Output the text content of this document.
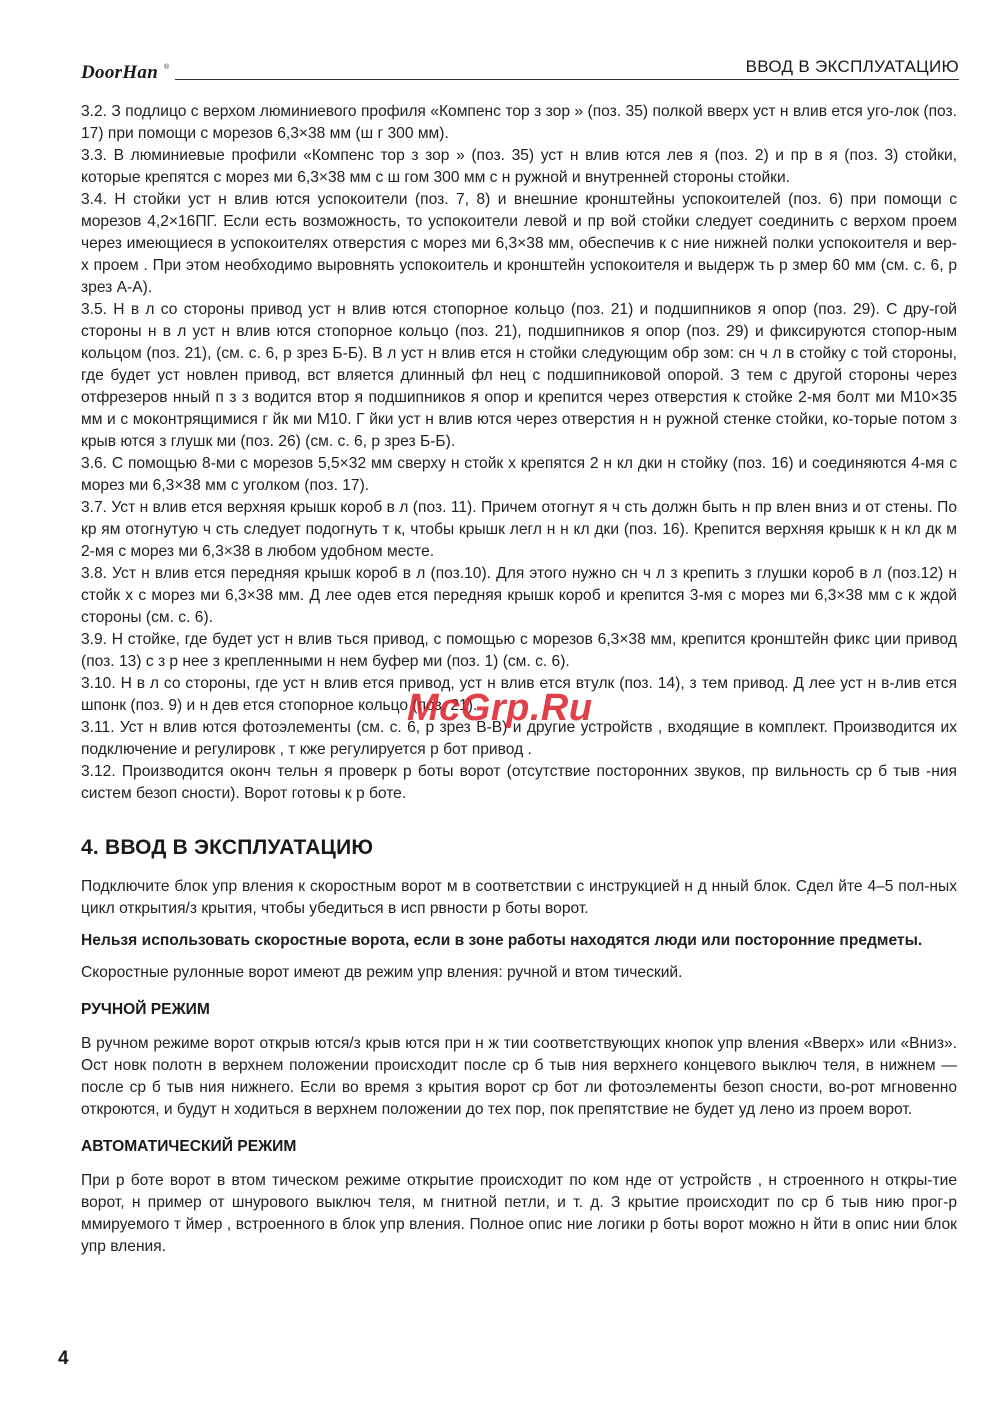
DoorHan ®	ВВОД В ЭКСПЛУАТАЦИЮ

3.2. З подлицо с верхом люминиевого профиля «Компенс тор з зор » (поз. 35) полкой вверх уст н влив ется уго-лок (поз. 17) при помощи с морезов 6,3×38 мм (ш г 300 мм).

3.3. В люминиевые профили «Компенс тор з зор » (поз. 35) уст н влив ются лев я (поз. 2) и пр в я (поз. 3) стойки, которые крепятся с морез ми 6,3×38 мм с ш гом 300 мм с н ружной и внутренней стороны стойки.

3.4. Н стойки уст н влив ются успокоители (поз. 7, 8) и внешние кронштейны успокоителей (поз. 6) при помощи с морезов 4,2×16ПГ. Если есть возможность, то успокоители левой и пр вой стойки следует соединить с верхом проем через имеющиеся в успокоителях отверстия с морез ми 6,3×38 мм, обеспечив к с ние нижней полки успокоителя и вер-х проем . При этом необходимо выровнять успокоитель и кронштейн успокоителя и выдерж ть р змер 60 мм (см. с. 6, р зрез А-А).

3.5. Н в л со стороны привод уст н влив ются стопорное кольцо (поз. 21) и подшипников я опор (поз. 29). С дру-гой стороны н в л уст н влив ются стопорное кольцо (поз. 21), подшипников я опор (поз. 29) и фиксируются стопор-ным кольцом (поз. 21), (см. с. 6, р зрез Б-Б). В л уст н влив ется н стойки следующим обр зом: сн ч л в стойку с той стороны, где будет уст новлен привод, вст вляется длинный фл нец с подшипниковой опорой. З тем с другой стороны через отфрезеров нный п з з водится втор я подшипников я опор и крепится через отверстия к стойке 2-мя болт ми М10×35 мм и с моконтрящимися г йк ми М10. Г йки уст н влив ются через отверстия н н ружной стенке стойки, ко-торые потом з крыв ются з глушк ми (поз. 26) (см. с. 6, р зрез Б-Б).

3.6. С помощью 8-ми с морезов 5,5×32 мм сверху н стойк х крепятся 2 н кл дки н стойку (поз. 16) и соединяются 4-мя с морез ми 6,3×38 мм с уголком (поз. 17).

3.7. Уст н влив ется верхняя крышк короб в л (поз. 11). Причем отогнут я ч сть должн быть н пр влен вниз и от стены. По кр ям отогнутую ч сть следует подогнуть т к, чтобы крышк легл н н кл дки (поз. 16). Крепится верхняя крышк к н кл дк м 2-мя с морез ми 6,3×38 в любом удобном месте.

3.8. Уст н влив ется передняя крышк короб в л (поз.10). Для этого нужно сн ч л з крепить з глушки короб в л (поз.12) н стойк х с морез ми 6,3×38 мм. Д лее одев ется передняя крышк короб и крепится 3-мя с морез ми 6,3×38 мм с к ждой стороны (см. с. 6).

3.9. Н стойке, где будет уст н влив ться привод, с помощью с морезов 6,3×38 мм, крепится кронштейн фикс ции привод (поз. 13) с з р нее з крепленными н нем буфер ми (поз. 1) (см. с. 6).

3.10. Н в л со стороны, где уст н влив ется привод, уст н влив ется втулк (поз. 14), з тем привод. Д лее уст н в-лив ется шпонк (поз. 9) и н дев ется стопорное кольцо (поз. 21).

3.11. Уст н влив ются фотоэлементы (см. с. 6, р зрез В-В) и другие устройств , входящие в комплект. Производится их подключение и регулировк , т кже регулируется р бот привод .

3.12. Производится оконч тельн я проверк р боты ворот (отсутствие посторонних звуков, пр вильность ср б тыв -ния систем безоп сности). Ворот готовы к р боте.

4. ВВОД В ЭКСПЛУАТАЦИЮ

Подключите блок упр вления к скоростным ворот м в соответствии с инструкцией н д нный блок. Сдел йте 4–5 пол-ных цикл открытия/з крытия, чтобы убедиться в исп рвности р боты ворот.

Нельзя использовать скоростные ворота, если в зоне работы находятся люди или посторонние предметы.

Скоростные рулонные ворот имеют дв режим упр вления: ручной и втом тический.

РУЧНОЙ РЕЖИМ

В ручном режиме ворот открыв ются/з крыв ются при н ж тии соответствующих кнопок упр вления «Вверх» или «Вниз». Ост новк полотн в верхнем положении происходит после ср б тыв ния верхнего концевого выключ теля, в нижнем — после ср б тыв ния нижнего. Если во время з крытия ворот ср бот ли фотоэлементы безоп сности, во-рот мгновенно откроются, и будут н ходиться в верхнем положении до тех пор, пок препятствие не будет уд лено из проем ворот.

АВТОМАТИЧЕСКИЙ РЕЖИМ

При р боте ворот в втом тическом режиме открытие происходит по ком нде от устройств , н строенного н откры-тие ворот, н пример от шнурового выключ теля, м гнитной петли, и т. д. З крытие происходит по ср б тыв нию прог-р ммируемого т ймер , встроенного в блок упр вления. Полное опис ние логики р боты ворот можно н йти в опис нии блок упр вления.

McGrp.Ru
4
